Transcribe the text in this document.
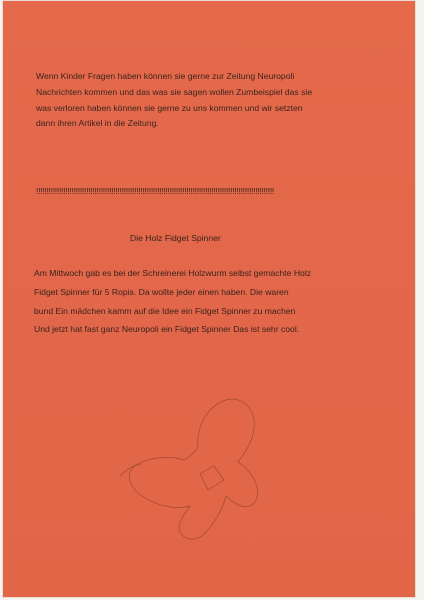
Wenn Kinder Fragen haben können sie gerne zur Zeitung Neuropoli
Nachrichten kommen und das was sie sagen wollen Zumbeispiel das sie
was verloren haben können sie gerne zu uns kommen und wir setzten
dann ihren Artikel in die Zeitung.
!!!!!!!!!!!!!!!!!!!!!!!!!!!!!!!!!!!!!!!!!!!!!!!!!!!!!!!!!!!!!!!!!!!!!!!!!!!!!!!!!!!!!!!!!!!!!!!!!!!!!!!!!!!!!!!!!!
Die Holz Fidget Spinner
Am Mittwoch gab es bei der Schreinerei Holzwurm selbst gemachte Holz
Fidget Spinner für 5 Ropis. Da wollte jeder einen haben. Die waren
bund Ein mädchen kamm auf die Idee ein Fidget Spinner zu machen
Und jetzt hat fast ganz Neuropoli ein Fidget Spinner Das ist sehr cool.
